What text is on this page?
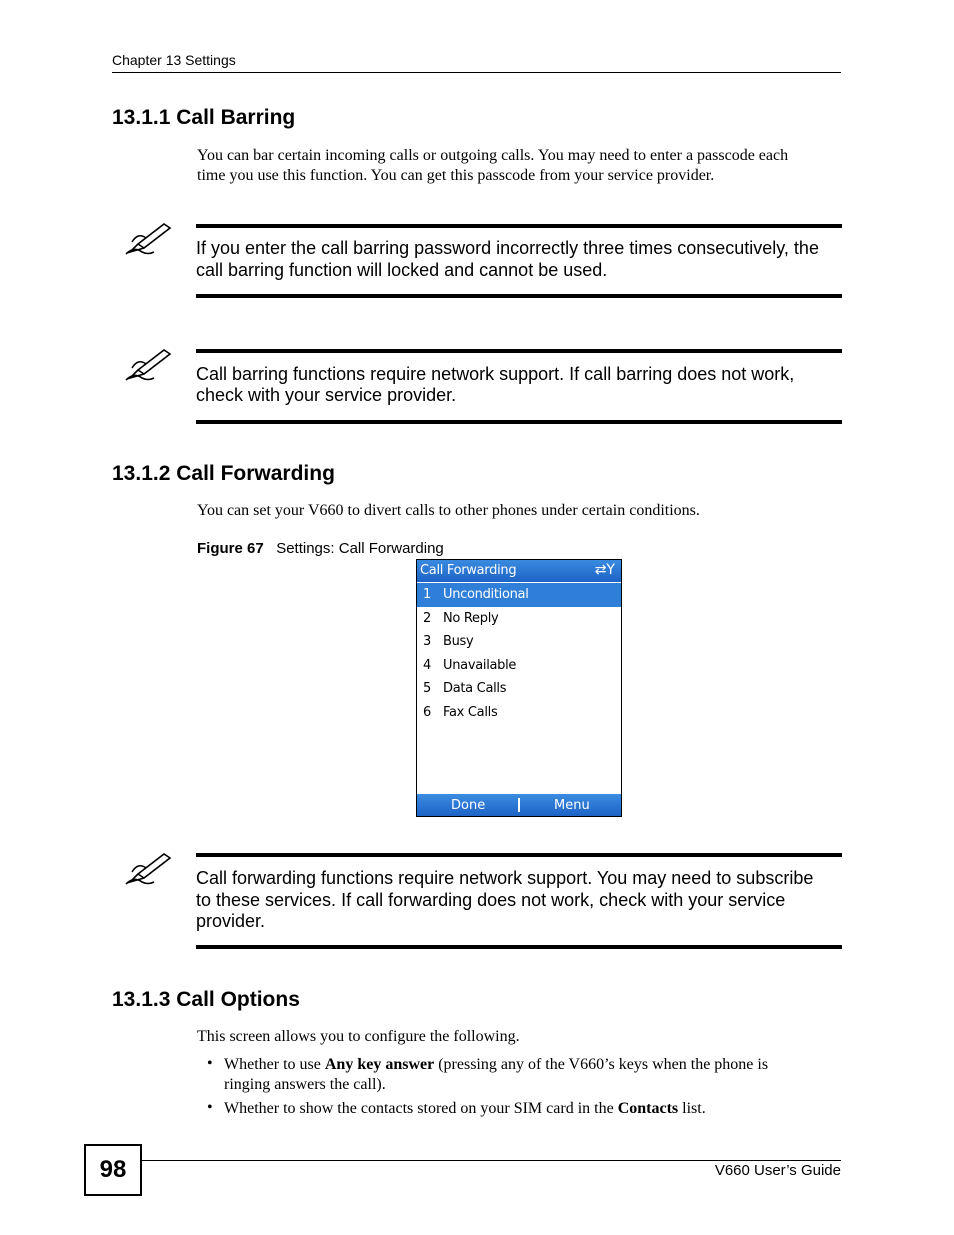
Chapter 13 Settings
13.1.1 Call Barring
You can bar certain incoming calls or outgoing calls. You may need to enter a passcode each
time you use this function. You can get this passcode from your service provider.
If you enter the call barring password incorrectly three times consecutively, the
call barring function will locked and cannot be used.
Call barring functions require network support. If call barring does not work,
check with your service provider.
13.1.2 Call Forwarding
You can set your V660 to divert calls to other phones under certain conditions.
Figure 67 Settings: Call Forwarding
Call Forwarding	⇄Y
1 Unconditional
2 No Reply
3 Busy
4 Unavailable
5 Data Calls
6 Fax Calls
Done	Menu
Call forwarding functions require network support. You may need to subscribe
to these services. If call forwarding does not work, check with your service
provider.
13.1.3 Call Options
This screen allows you to configure the following.
• Whether to use Any key answer (pressing any of the V660’s keys when the phone is
ringing answers the call).
• Whether to show the contacts stored on your SIM card in the Contacts list.
98	V660 User’s Guide
